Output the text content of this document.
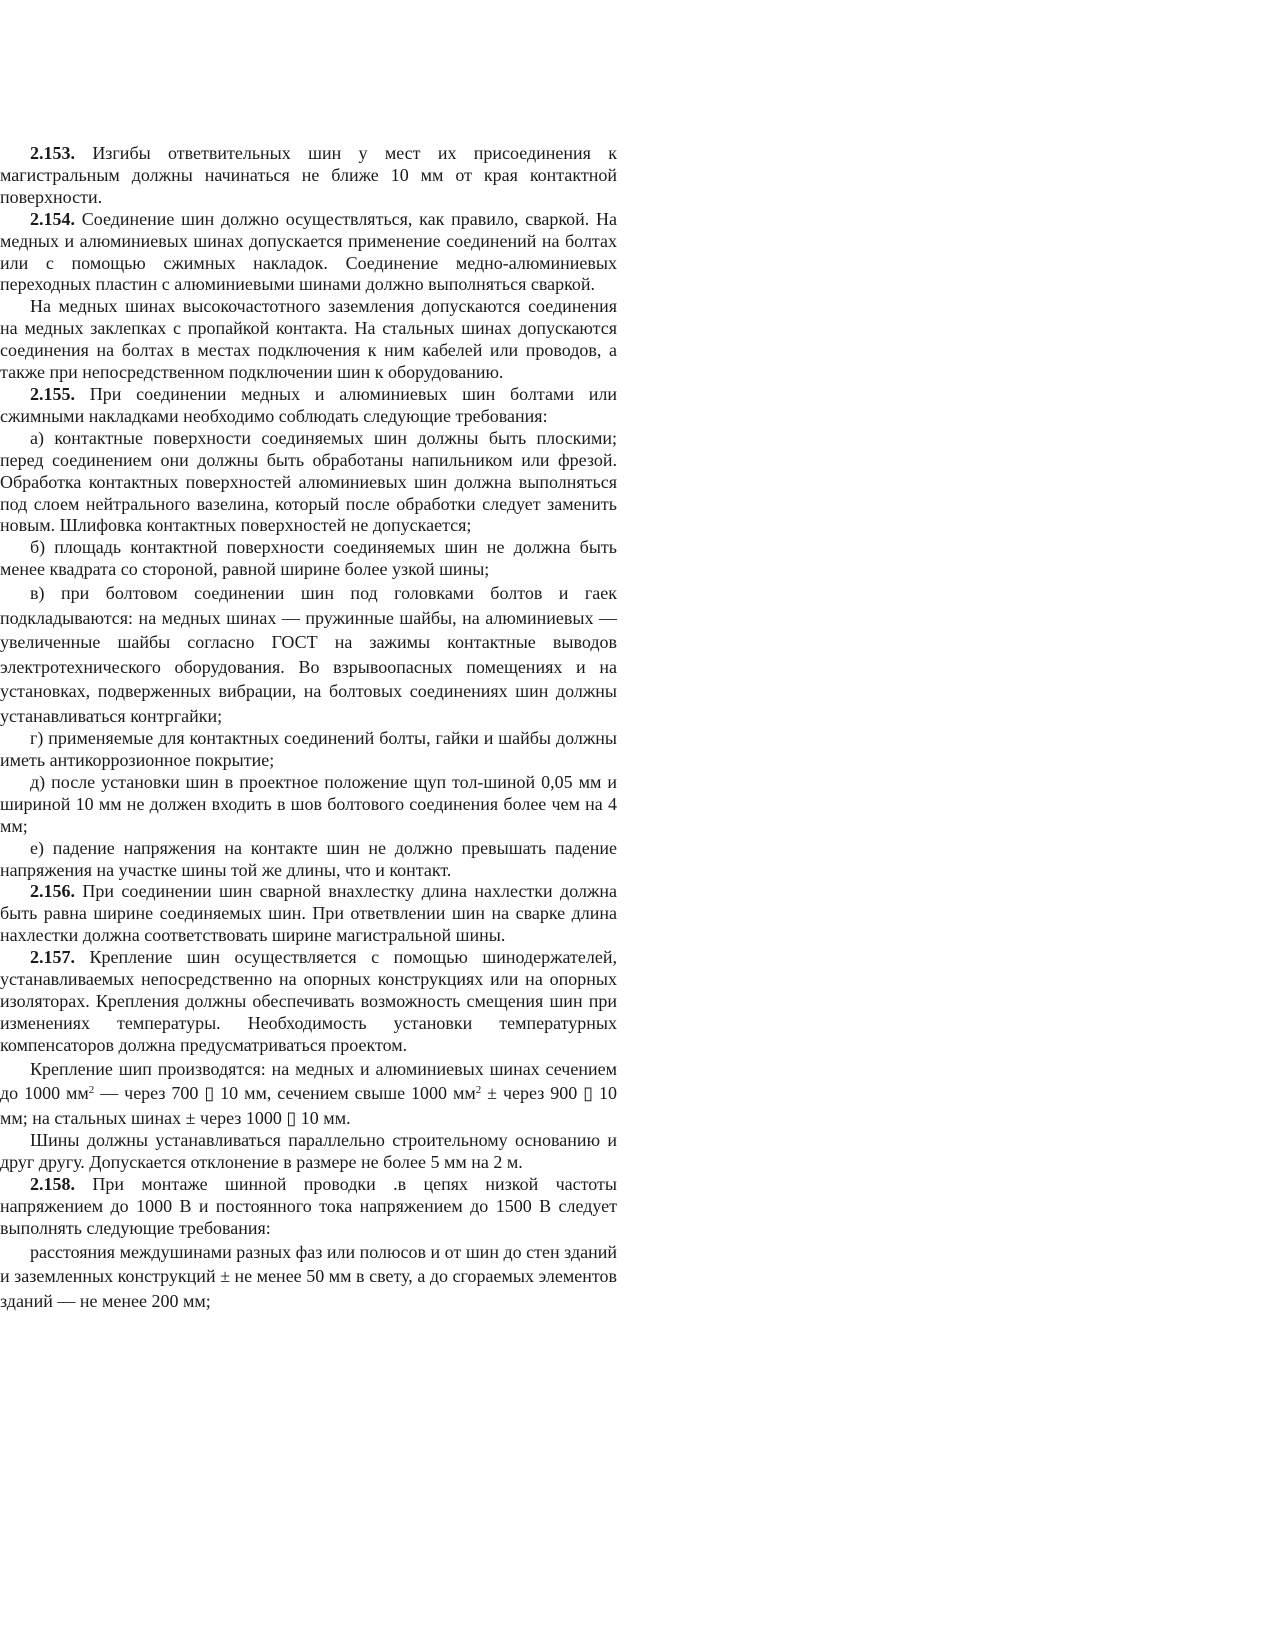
2.153. Изгибы ответвительных шин у мест их присоединения к магистральным должны начинаться не ближе 10 мм от края контактной поверхности.

2.154. Соединение шин должно осуществляться, как правило, сваркой. На медных и алюминиевых шинах допускается применение соединений на болтах или с помощью сжимных накладок. Соединение медно-алюминиевых переходных пластин с алюминиевыми шинами должно выполняться сваркой.

На медных шинах высокочастотного заземления допускаются соединения на медных заклепках с пропайкой контакта. На стальных шинах допускаются соединения на болтах в местах подключения к ним кабелей или проводов, а также при непосредственном подключении шин к оборудованию.

2.155. При соединении медных и алюминиевых шин болтами или сжимными накладками необходимо соблюдать следующие требования:

а) контактные поверхности соединяемых шин должны быть плоскими; перед соединением они должны быть обработаны напильником или фрезой. Обработка контактных поверхностей алюминиевых шин должна выполняться под слоем нейтрального вазелина, который после обработки следует заменить новым. Шлифовка контактных поверхностей не допускается;

б) площадь контактной поверхности соединяемых шин не должна быть менее квадрата со стороной, равной ширине более узкой шины;

в) при болтовом соединении шин под головками болтов и гаек подкладываются: на медных шинах — пружинные шайбы, на алюминиевых — увеличенные шайбы согласно ГОСТ на зажимы контактные выводов электротехнического оборудования. Во взрывоопасных помещениях и на установках, подверженных вибрации, на болтовых соединениях шин должны устанавливаться контргайки;

г) применяемые для контактных соединений болты, гайки и шайбы должны иметь антикоррозионное покрытие;

д) после установки шин в проектное положение щуп тол-шиной 0,05 мм и шириной 10 мм не должен входить в шов болтового соединения более чем на 4 мм;

е) падение напряжения на контакте шин не должно превышать падение напряжения на участке шины той же длины, что и контакт.

2.156. При соединении шин сварной внахлестку длина нахлестки должна быть равна ширине соединяемых шин. При ответвлении шин на сварке длина нахлестки должна соответствовать ширине магистральной шины.

2.157. Крепление шин осуществляется с помощью шинодержателей, устанавливаемых непосредственно на опорных конструкциях или на опорных изоляторах. Крепления должны обеспечивать возможность смещения шин при изменениях температуры. Необходимость установки температурных компенсаторов должна предусматриваться проектом.

Крепление шип производятся: на медных и алюминиевых шинах сечением до 1000 $мм^2$ — через 700 ▯ 10 мм, сечением свыше 1000 $мм^2$ ± через 900 ▯ 10 мм; на стальных шинах ± через 1000 ▯ 10 мм.

Шины должны устанавливаться параллельно строительному основанию и друг другу. Допускается отклонение в размере не более 5 мм на 2 м.

2.158. При монтаже шинной проводки .в цепях низкой частоты напряжением до 1000 В и постоянного тока напряжением до 1500 В следует выполнять следующие требования:

расстояния междушинами разных фаз или полюсов и от шин до стен зданий и заземленных конструкций ± не менее 50 мм в свету, а до сгораемых элементов зданий — не менее 200 мм;
